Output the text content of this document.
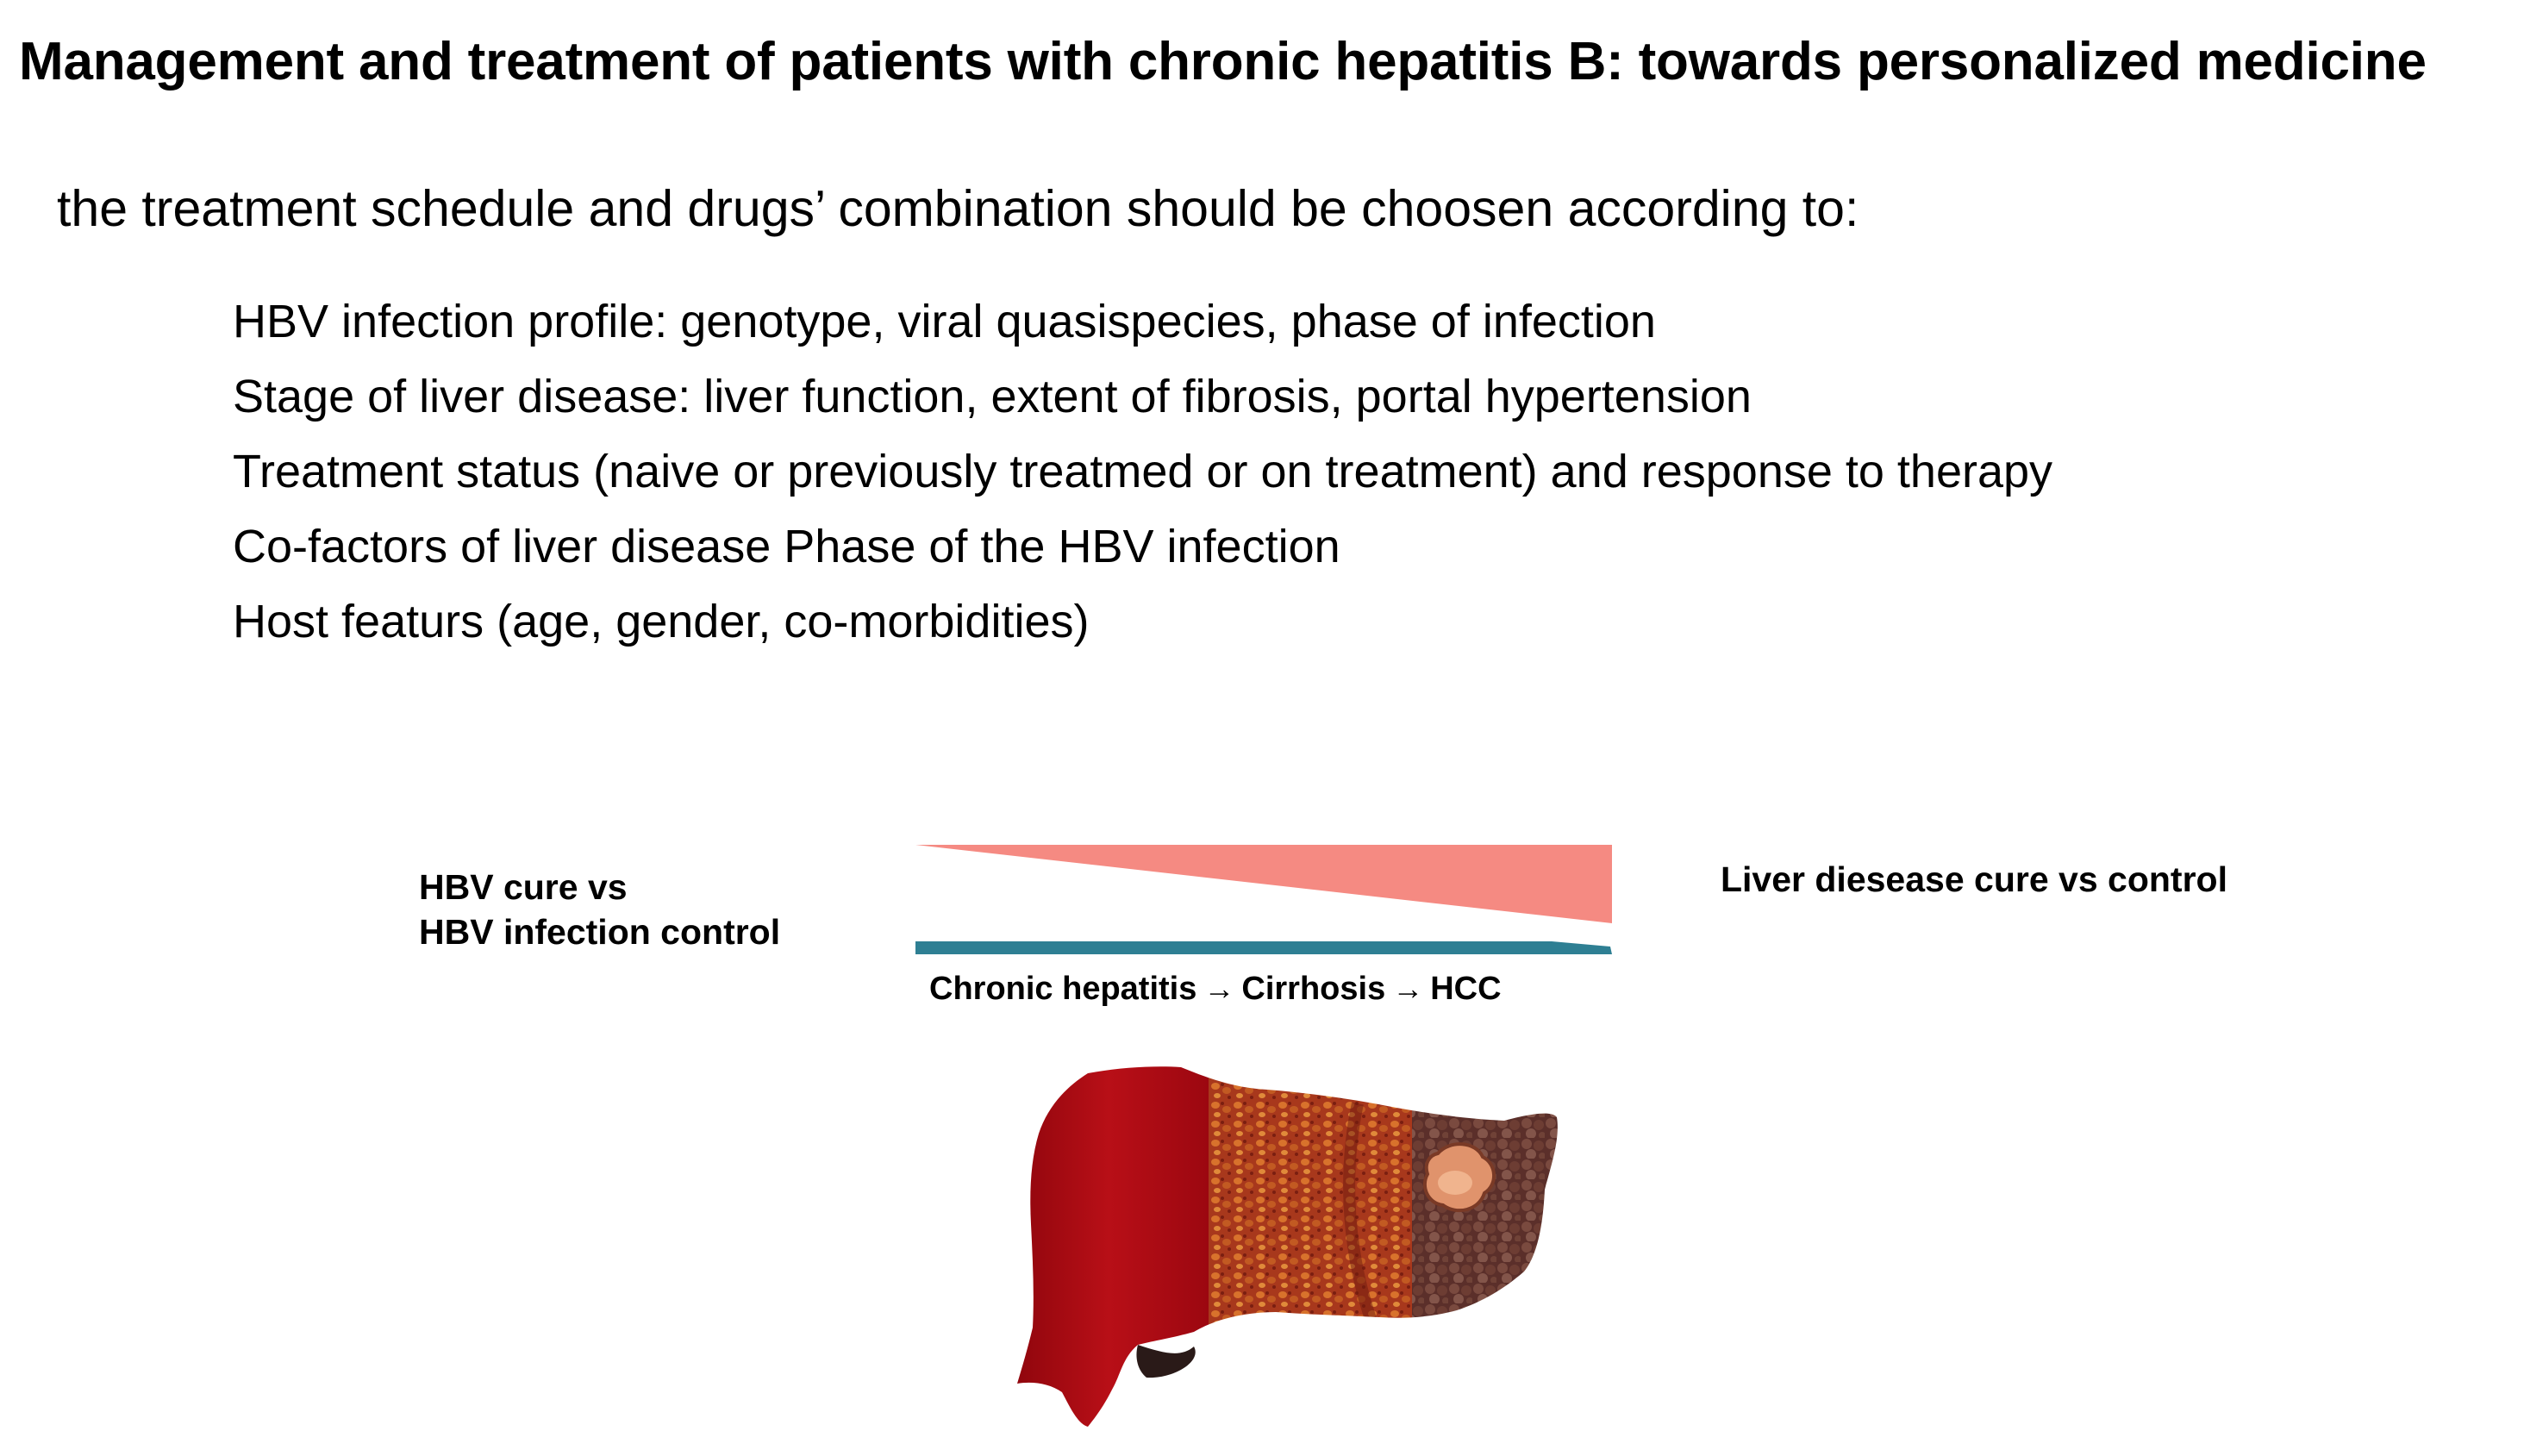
Management and treatment of patients with chronic hepatitis B: towards personalized medicine
the treatment schedule and drugs’ combination should be choosen according to:
HBV infection profile: genotype, viral quasispecies, phase of infection
Stage of liver disease: liver function, extent of fibrosis, portal hypertension
Treatment status (naive or previously treatmed or on treatment) and response to therapy
Co-factors of liver disease Phase of the HBV infection
Host featurs (age, gender, co-morbidities)
HBV cure vs
HBV infection control
Liver diesease cure vs control
Chronic hepatitis → Cirrhosis → HCC
